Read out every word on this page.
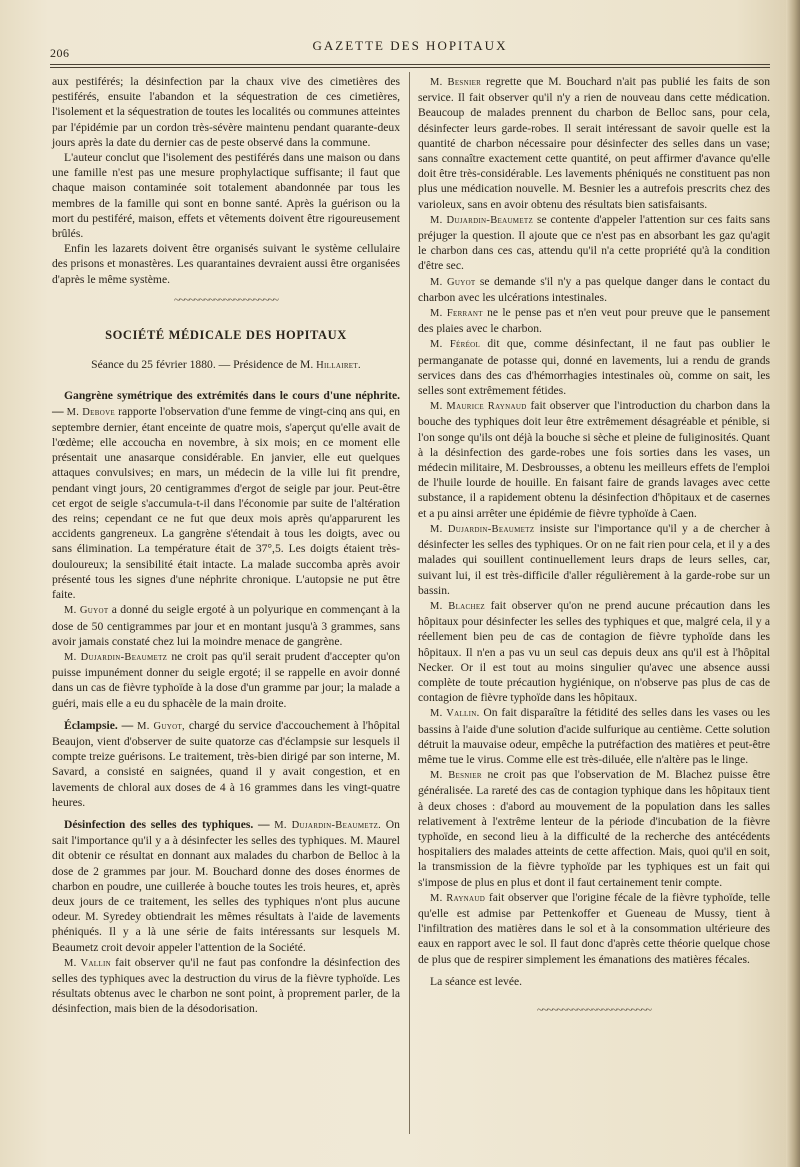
206	GAZETTE DES HOPITAUX

aux pestiférés; la désinfection par la chaux vive des cimetières des pestiférés, ensuite l'abandon et la séquestration de ces cimetières, l'isolement et la séquestration de toutes les localités ou communes atteintes par l'épidémie par un cordon très-sévère maintenu pendant quarante-deux jours après la date du dernier cas de peste observé dans la commune.

L'auteur conclut que l'isolement des pestiférés dans une maison ou dans une famille n'est pas une mesure prophylactique suffisante; il faut que chaque maison contaminée soit totalement abandonnée par tous les membres de la famille qui sont en bonne santé. Après la guérison ou la mort du pestiféré, maison, effets et vêtements doivent être rigoureusement brûlés.

Enfin les lazarets doivent être organisés suivant le système cellulaire des prisons et monastères. Les quarantaines devraient aussi être organisées d'après le même système.

~~~~~~~~~~~~~~~~~~~~~
SOCIÉTÉ MÉDICALE DES HOPITAUX

Séance du 25 février 1880. — Présidence de M. Hillairet.

Gangrène symétrique des extrémités dans le cours d'une néphrite. — M. Debove rapporte l'observation d'une femme de vingt-cinq ans qui, en septembre dernier, étant enceinte de quatre mois, s'aperçut qu'elle avait de l'œdème; elle accoucha en novembre, à six mois; en ce moment elle présentait une anasarque considérable. En janvier, elle eut quelques attaques convulsives; en mars, un médecin de la ville lui fit prendre, pendant vingt jours, 20 centigrammes d'ergot de seigle par jour. Peut-être cet ergot de seigle s'accumula-t-il dans l'économie par suite de l'altération des reins; cependant ce ne fut que deux mois après qu'apparurent les accidents gangreneux. La gangrène s'étendait à tous les doigts, avec ou sans élimination. La température était de 37°,5. Les doigts étaient très-douloureux; la sensibilité était intacte. La malade succomba après avoir présenté tous les signes d'une néphrite chronique. L'autopsie ne put être faite.

M. Guyot a donné du seigle ergoté à un polyurique en commençant à la dose de 50 centigrammes par jour et en montant jusqu'à 3 grammes, sans avoir jamais constaté chez lui la moindre menace de gangrène.

M. Dujardin-Beaumetz ne croit pas qu'il serait prudent d'accepter qu'on puisse impunément donner du seigle ergoté; il se rappelle en avoir donné dans un cas de fièvre typhoïde à la dose d'un gramme par jour; la malade a guéri, mais elle a eu du sphacèle de la main droite.

Éclampsie. — M. Guyot, chargé du service d'accouchement à l'hôpital Beaujon, vient d'observer de suite quatorze cas d'éclampsie sur lesquels il compte treize guérisons. Le traitement, très-bien dirigé par son interne, M. Savard, a consisté en saignées, quand il y avait congestion, et en lavements de chloral aux doses de 4 à 16 grammes dans les vingt-quatre heures.

Désinfection des selles des typhiques. — M. Dujardin-Beaumetz. On sait l'importance qu'il y a à désinfecter les selles des typhiques. M. Maurel dit obtenir ce résultat en donnant aux malades du charbon de Belloc à la dose de 2 grammes par jour. M. Bouchard donne des doses énormes de charbon en poudre, une cuillerée à bouche toutes les trois heures, et, après deux jours de ce traitement, les selles des typhiques n'ont plus aucune odeur. M. Syredey obtiendrait les mêmes résultats à l'aide de lavements phéniqués. Il y a là une série de faits intéressants sur lesquels M. Beaumetz croit devoir appeler l'attention de la Société.

M. Vallin fait observer qu'il ne faut pas confondre la désinfection des selles des typhiques avec la destruction du virus de la fièvre typhoïde. Les résultats obtenus avec le charbon ne sont point, à proprement parler, de la désinfection, mais bien de la désodorisation.

M. Besnier regrette que M. Bouchard n'ait pas publié les faits de son service. Il fait observer qu'il n'y a rien de nouveau dans cette médication. Beaucoup de malades prennent du charbon de Belloc sans, pour cela, désinfecter leurs garde-robes. Il serait intéressant de savoir quelle est la quantité de charbon nécessaire pour désinfecter des selles dans un vase; sans connaître exactement cette quantité, on peut affirmer d'avance qu'elle doit être très-considérable. Les lavements phéniqués ne constituent pas non plus une médication nouvelle. M. Besnier les a autrefois prescrits chez des varioleux, sans en avoir obtenu des résultats bien satisfaisants.

M. Dujardin-Beaumetz se contente d'appeler l'attention sur ces faits sans préjuger la question. Il ajoute que ce n'est pas en absorbant les gaz qu'agit le charbon dans ces cas, attendu qu'il n'a cette propriété qu'à la condition d'être sec.

M. Guyot se demande s'il n'y a pas quelque danger dans le contact du charbon avec les ulcérations intestinales.

M. Ferrant ne le pense pas et n'en veut pour preuve que le pansement des plaies avec le charbon.

M. Féréol dit que, comme désinfectant, il ne faut pas oublier le permanganate de potasse qui, donné en lavements, lui a rendu de grands services dans des cas d'hémorrhagies intestinales où, comme on sait, les selles sont extrêmement fétides.

M. Maurice Raynaud fait observer que l'introduction du charbon dans la bouche des typhiques doit leur être extrêmement désagréable et pénible, si l'on songe qu'ils ont déjà la bouche si sèche et pleine de fuliginosités. Quant à la désinfection des garde-robes une fois sorties dans les vases, un médecin militaire, M. Desbrousses, a obtenu les meilleurs effets de l'emploi de l'huile lourde de houille. En faisant faire de grands lavages avec cette substance, il a rapidement obtenu la désinfection d'hôpitaux et de casernes et a pu ainsi arrêter une épidémie de fièvre typhoïde à Caen.

M. Dujardin-Beaumetz insiste sur l'importance qu'il y a de chercher à désinfecter les selles des typhiques. Or on ne fait rien pour cela, et il y a des malades qui souillent continuellement leurs draps de leurs selles, car, suivant lui, il est très-difficile d'aller régulièrement à la garde-robe sur un bassin.

M. Blachez fait observer qu'on ne prend aucune précaution dans les hôpitaux pour désinfecter les selles des typhiques et que, malgré cela, il y a réellement bien peu de cas de contagion de fièvre typhoïde dans les hôpitaux. Il n'en a pas vu un seul cas depuis deux ans qu'il est à l'hôpital Necker. Or il est tout au moins singulier qu'avec une absence aussi complète de toute précaution hygiénique, on n'observe pas plus de cas de contagion de fièvre typhoïde dans les hôpitaux.

M. Vallin. On fait disparaître la fétidité des selles dans les vases ou les bassins à l'aide d'une solution d'acide sulfurique au centième. Cette solution détruit la mauvaise odeur, empêche la putréfaction des matières et peut-être même tue le virus. Comme elle est très-diluée, elle n'altère pas le linge.

M. Besnier ne croit pas que l'observation de M. Blachez puisse être généralisée. La rareté des cas de contagion typhique dans les hôpitaux tient à deux choses : d'abord au mouvement de la population dans les salles relativement à l'extrême lenteur de la période d'incubation de la fièvre typhoïde, en second lieu à la difficulté de la recherche des antécédents hospitaliers des malades atteints de cette affection. Mais, quoi qu'il en soit, la transmission de la fièvre typhoïde par les typhiques est un fait qui s'impose de plus en plus et dont il faut certainement tenir compte.

M. Raynaud fait observer que l'origine fécale de la fièvre typhoïde, telle qu'elle est admise par Pettenkoffer et Gueneau de Mussy, tient à l'infiltration des matières dans le sol et à la consommation ultérieure des eaux en rapport avec le sol. Il faut donc d'après cette théorie quelque chose de plus que de respirer simplement les émanations des matières fécales.

La séance est levée.

~~~~~~~~~~~~~~~~~~~~~~~
